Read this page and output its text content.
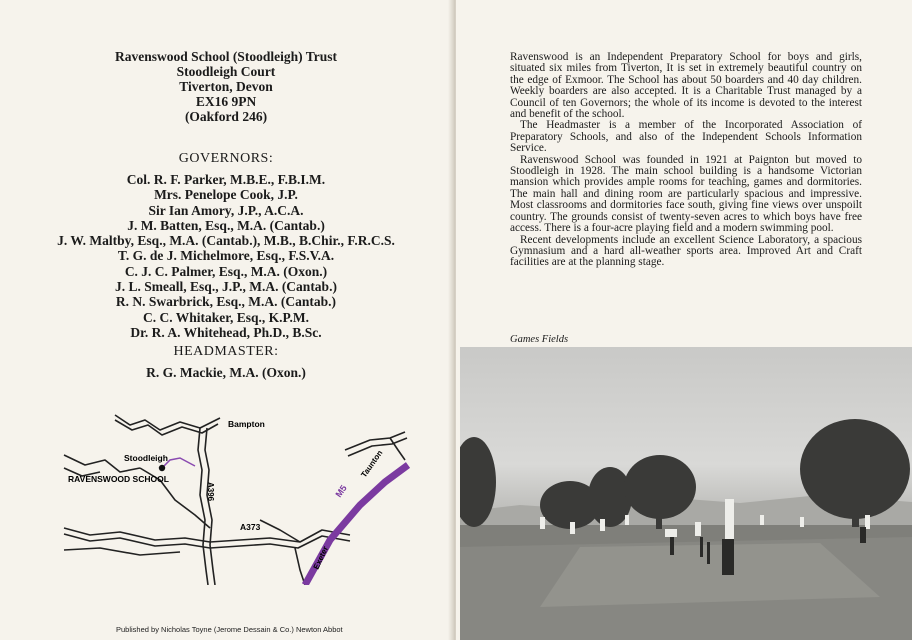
Ravenswood School (Stoodleigh) Trust
Stoodleigh Court
Tiverton, Devon
EX16 9PN
(Oakford 246)
GOVERNORS:
Col. R. F. Parker, M.B.E., F.B.I.M.
Mrs. Penelope Cook, J.P.
Sir Ian Amory, J.P., A.C.A.
J. M. Batten, Esq., M.A. (Cantab.)
J. W. Maltby, Esq., M.A. (Cantab.), M.B., B.Chir., F.R.C.S.
T. G. de J. Michelmore, Esq., F.S.V.A.
C. J. C. Palmer, Esq., M.A. (Oxon.)
J. L. Smeall, Esq., J.P., M.A. (Cantab.)
R. N. Swarbrick, Esq., M.A. (Cantab.)
C. C. Whitaker, Esq., K.P.M.
Dr. R. A. Whitehead, Ph.D., B.Sc.
HEADMASTER:
R. G. Mackie, M.A. (Oxon.)
Bampton
Stoodleigh
RAVENSWOOD SCHOOL
A396
A373
M5
Taunton
Exeter
Published by Nicholas Toyne (Jerome Dessain & Co.) Newton Abbot

Ravenswood is an Independent Preparatory School for boys and girls, situated six miles from Tiverton, It is set in extremely beautiful country on the edge of Exmoor. The School has about 50 boarders and 40 day children. Weekly boarders are also accepted. It is a Charitable Trust managed by a Council of ten Governors; the whole of its income is devoted to the interest and benefit of the school.

The Headmaster is a member of the Incorporated Association of Preparatory Schools, and also of the Independent Schools Information Service.

Ravenswood School was founded in 1921 at Paignton but moved to Stoodleigh in 1928. The main school building is a handsome Victorian mansion which provides ample rooms for teaching, games and dormitories. The main hall and dining room are particularly spacious and impressive. Most classrooms and dormitories face south, giving fine views over unspoilt country. The grounds consist of twenty-seven acres to which boys have free access. There is a four-acre playing field and a modern swimming pool.

Recent developments include an excellent Science Laboratory, a spacious Gymnasium and a hard all-weather sports area. Improved Art and Craft facilities are at the planning stage.

Games Fields
